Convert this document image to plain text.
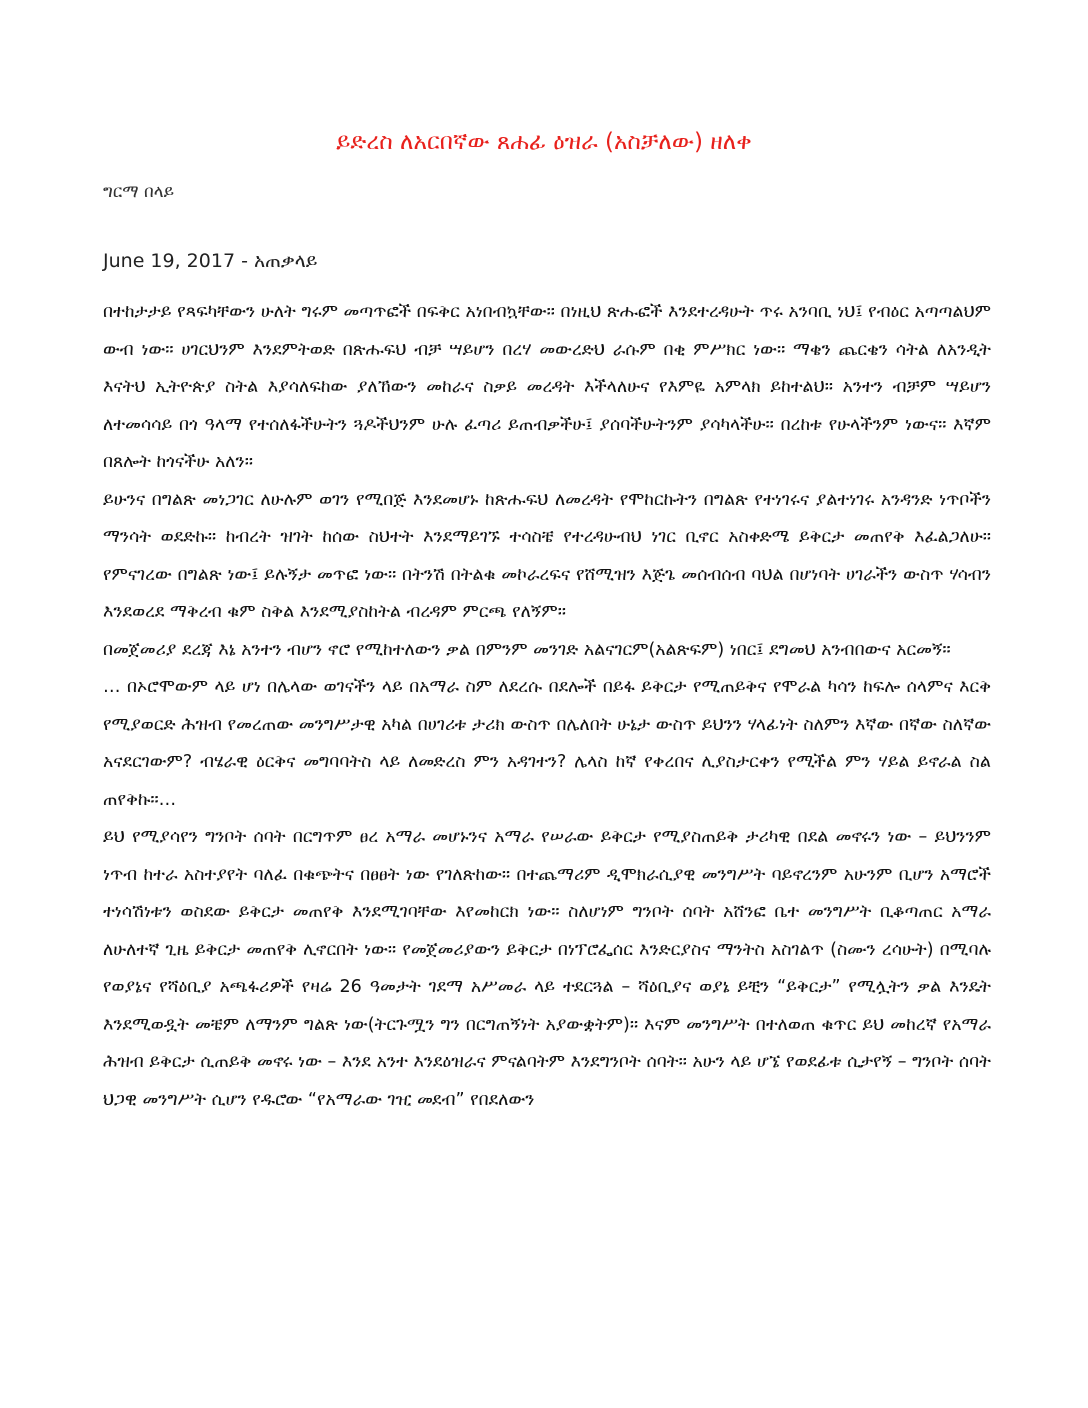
ይድረስ ለአርበኛው ጸሐፊ ዕዝራ (አስቻለው) ዘለቀ

ግርማ በላይ

June 19, 2017 - አጠቃላይ

በተከታታይ የጻፍካቸውን ሁለት ግሩም መጣጥፎች በፍቅር አነበብኳቸው፡፡ በነዚህ ጽሑፎች እንደተረዳሁት ጥሩ አንባቢ ነህ፤ የብዕር አጣጣልህም ውብ ነው፡፡ ሀገርህንም እንደምትወድ በጽሑፍህ ብቻ ሣይሆን በረሃ መውረድህ ራሱም በቂ ምሥክር ነው፡፡ ማቄን ጨርቄን ሳትል ለአንዲት እናትህ ኢትዮጵያ ስትል እያሳለፍከው ያለኸውን መከራና ስቃይ መረዳት እችላለሁና የእምዬ አምላክ ይከተልህ፡፡ አንተን ብቻም ሣይሆን ለተመሳሳይ በጎ ዓላማ የተሰለፋችሁትን ጓዶችህንም ሁሉ ፈጣሪ ይጠብቃችሁ፤ ያሰባችሁትንም ያሳካላችሁ፡፡ በረከቱ የሁላችንም ነውና፡፡ እኛም በጸሎት ከጎናችሁ አለን፡፡

ይሁንና በግልጽ መነጋገር ለሁሉም ወገን የሚበጅ እንደመሆኑ ከጽሑፍህ ለመረዳት የሞከርኩትን በግልጽ የተነገሩና ያልተነገሩ አንዳንድ ነጥቦችን ማንሳት ወደድኩ፡፡ ከብረት ዝገት ከሰው ስህተት እንደማይገኙ ተሳስቼ የተረዳሁብህ ነገር ቢኖር አስቀድሜ ይቅርታ መጠየቅ እፈልጋለሁ፡፡ የምናገረው በግልጽ ነው፤ ይሉኝታ መጥፎ ነው፡፡ በትንሽ በትልቁ መኮራረፍና የሸሚዝን እጅጌ መሰብሰብ ባህል በሆነባት ሀገራችን ውስጥ ሃሳብን እንደወረደ ማቅረብ ቁም ስቅል እንደሚያስከትል ብረዳም ምርጫ የለኝም፡፡

በመጀመሪያ ደረጃ እኔ አንተን ብሆን ኖሮ የሚከተለውን ቃል በምንም መንገድ አልናገርም(አልጽፍም) ነበር፤ ደግመህ አንብበውና አርመኝ፡፡

… በኦሮሞውም ላይ ሆነ በሌላው ወገናችን ላይ በአማራ ስም ለደረሱ በደሎች በይፋ ይቅርታ የሚጠይቅና የሞራል ካሳን ከፍሎ ሰላምና እርቅ የሚያወርድ ሕዝብ የመረጠው መንግሥታዊ አካል በሀገሪቱ ታሪክ ውስጥ በሌለበት ሁኔታ ውስጥ ይህንን ሃላፊነት ስለምን እኛው በኛው ስለኛው አናደርገውም? ብሄራዊ ዕርቅና መግባባትስ ላይ ለመድረስ ምን አዳገተን? ሌላስ ከኛ የቀረበና ሊያስታርቀን የሚችል ምን ሃይል ይኖራል ስል ጠየቅኩ፡፡…

ይህ የሚያሳየን ግንቦት ሰባት በርግጥም ፀረ አማራ መሆኑንና አማራ የሠራው ይቅርታ የሚያስጠይቅ ታሪካዊ በደል መኖሩን ነው – ይህንንም ነጥብ ከተራ አስተያየት ባለፈ በቁጭትና በፀፀት ነው የገለጽከው፡፡ በተጨማሪም ዲሞክራሲያዊ መንግሥት ባይኖረንም አሁንም ቢሆን አማሮች ተነሳሽነቱን ወስደው ይቅርታ መጠየቅ እንደሚገባቸው እየመከርክ ነው፡፡ ስለሆነም ግንቦት ሰባት አሸንፎ ቤተ መንግሥት ቢቆጣጠር አማራ ለሁለተኛ ጊዜ ይቅርታ መጠየቅ ሊኖርበት ነው፡፡ የመጀመሪያውን ይቅርታ በነፕሮፌሰር እንድርያስና ማንትስ አስገልጥ (ስሙን ረሳሁት) በሚባሉ የወያኔና የሻዕቢያ አጫፋሪዎች የዛሬ 26 ዓመታት ገደማ አሥመራ ላይ ተደርጓል – ሻዕቢያና ወያኔ ይቺን “ይቅርታ” የሚሏትን ቃል እንዴት እንደሚወዷት መቼም ለማንም ግልጽ ነው(ትርጉሟን ግን በርግጠኝነት አያውቋትም)፡፡ እናም መንግሥት በተለወጠ ቁጥር ይህ መከረኛ የአማራ ሕዝብ ይቅርታ ሲጠይቅ መኖሩ ነው – እንደ አንተ እንደዕዝራና ምናልባትም እንደግንቦት ሰባት፡፡ አሁን ላይ ሆኜ የወደፊቱ ሲታየኝ – ግንቦት ሰባት ህጋዊ መንግሥት ሲሆን የዱሮው “የአማራው ገዢ መደብ” የበደለውን
